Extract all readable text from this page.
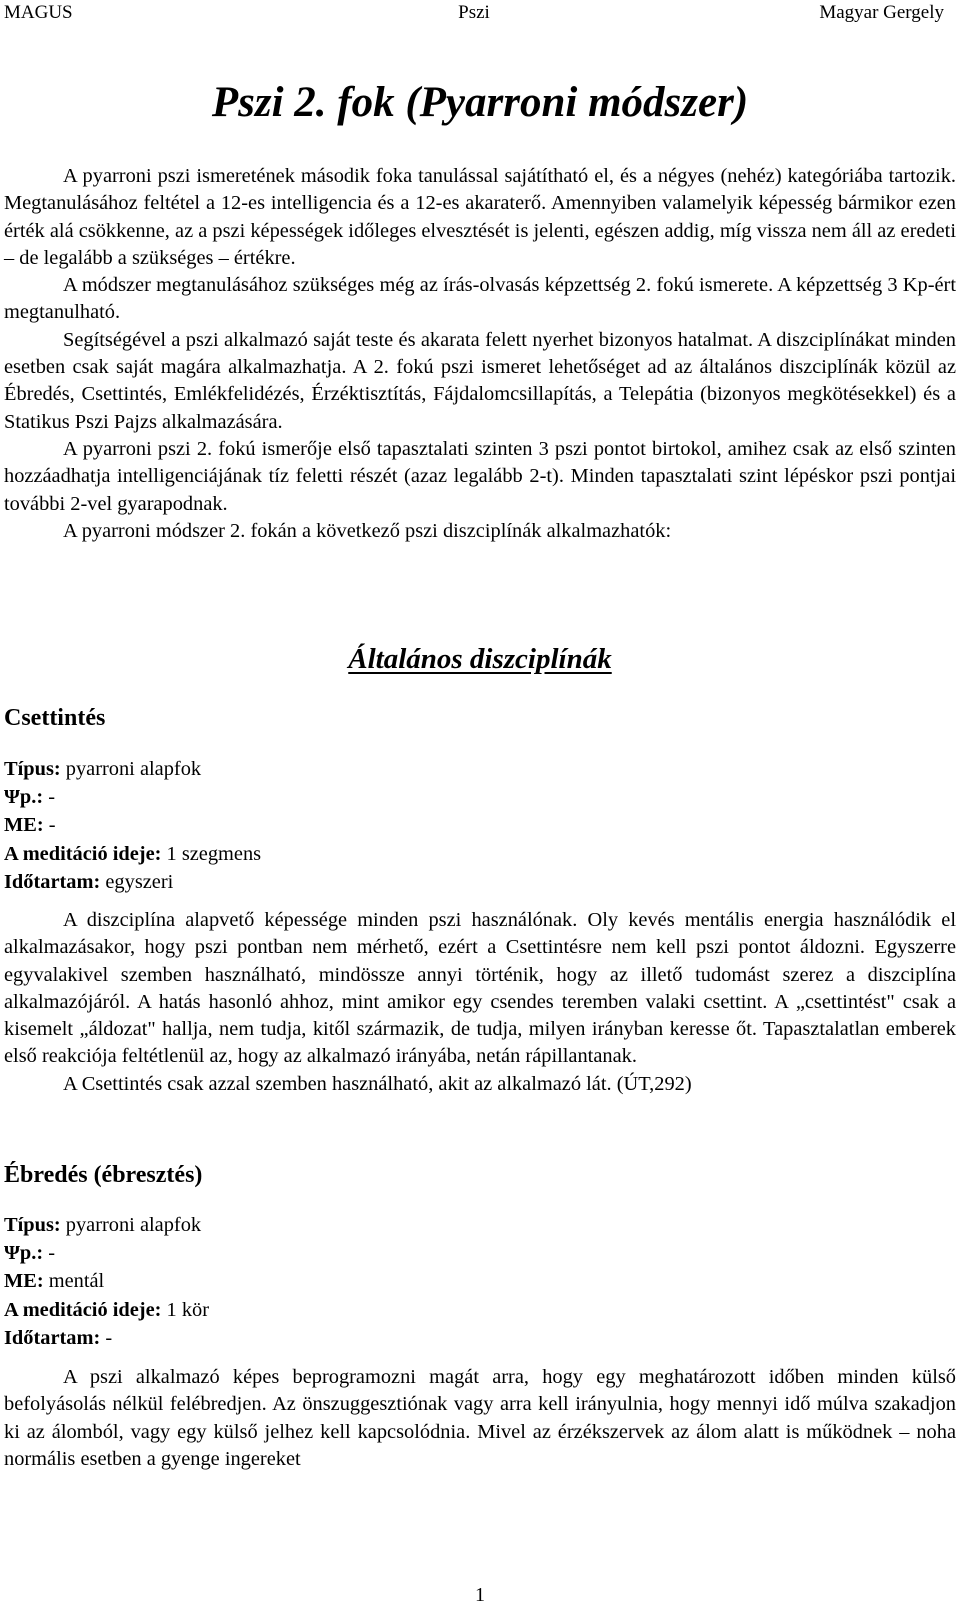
MAGUS	Pszi	Magyar Gergely
Pszi 2. fok (Pyarroni módszer)

A pyarroni pszi ismeretének második foka tanulással sajátítható el, és a négyes (nehéz) kategóriába tartozik. Megtanulásához feltétel a 12-es intelligencia és a 12-es akaraterő. Amennyiben valamelyik képesség bármikor ezen érték alá csökkenne, az a pszi képességek időleges elvesztését is jelenti, egészen addig, míg vissza nem áll az eredeti – de legalább a szükséges – értékre.

A módszer megtanulásához szükséges még az írás-olvasás képzettség 2. fokú ismerete. A képzettség 3 Kp-ért megtanulható.

Segítségével a pszi alkalmazó saját teste és akarata felett nyerhet bizonyos hatalmat. A diszciplínákat minden esetben csak saját magára alkalmazhatja. A 2. fokú pszi ismeret lehetőséget ad az általános diszciplínák közül az Ébredés, Csettintés, Emlékfelidézés, Érzéktisztítás, Fájdalomcsillapítás, a Telepátia (bizonyos megkötésekkel) és a Statikus Pszi Pajzs alkalmazására.

A pyarroni pszi 2. fokú ismerője első tapasztalati szinten 3 pszi pontot birtokol, amihez csak az első szinten hozzáadhatja intelligenciájának tíz feletti részét (azaz legalább 2-t). Minden tapasztalati szint lépéskor pszi pontjai további 2-vel gyarapodnak.

A pyarroni módszer 2. fokán a következő pszi diszciplínák alkalmazhatók:

Általános diszciplínák
Csettintés
Típus: pyarroni alapfok
Ψp.: -
ME: -
A meditáció ideje: 1 szegmens
Időtartam: egyszeri

A diszciplína alapvető képessége minden pszi használónak. Oly kevés mentális energia használódik el alkalmazásakor, hogy pszi pontban nem mérhető, ezért a Csettintésre nem kell pszi pontot áldozni. Egyszerre egyvalakivel szemben használható, mindössze annyi történik, hogy az illető tudomást szerez a diszciplína alkalmazójáról. A hatás hasonló ahhoz, mint amikor egy csendes teremben valaki csettint. A „csettintést" csak a kisemelt „áldozat" hallja, nem tudja, kitől származik, de tudja, milyen irányban keresse őt. Tapasztalatlan emberek első reakciója feltétlenül az, hogy az alkalmazó irányába, netán rápillantanak.

A Csettintés csak azzal szemben használható, akit az alkalmazó lát. (ÚT,292)

Ébredés (ébresztés)
Típus: pyarroni alapfok
Ψp.: -
ME: mentál
A meditáció ideje: 1 kör
Időtartam: -

A pszi alkalmazó képes beprogramozni magát arra, hogy egy meghatározott időben minden külső befolyásolás nélkül felébredjen. Az önszuggesztiónak vagy arra kell irányulnia, hogy mennyi idő múlva szakadjon ki az álomból, vagy egy külső jelhez kell kapcsolódnia. Mivel az érzékszervek az álom alatt is működnek – noha normális esetben a gyenge ingereket

1
